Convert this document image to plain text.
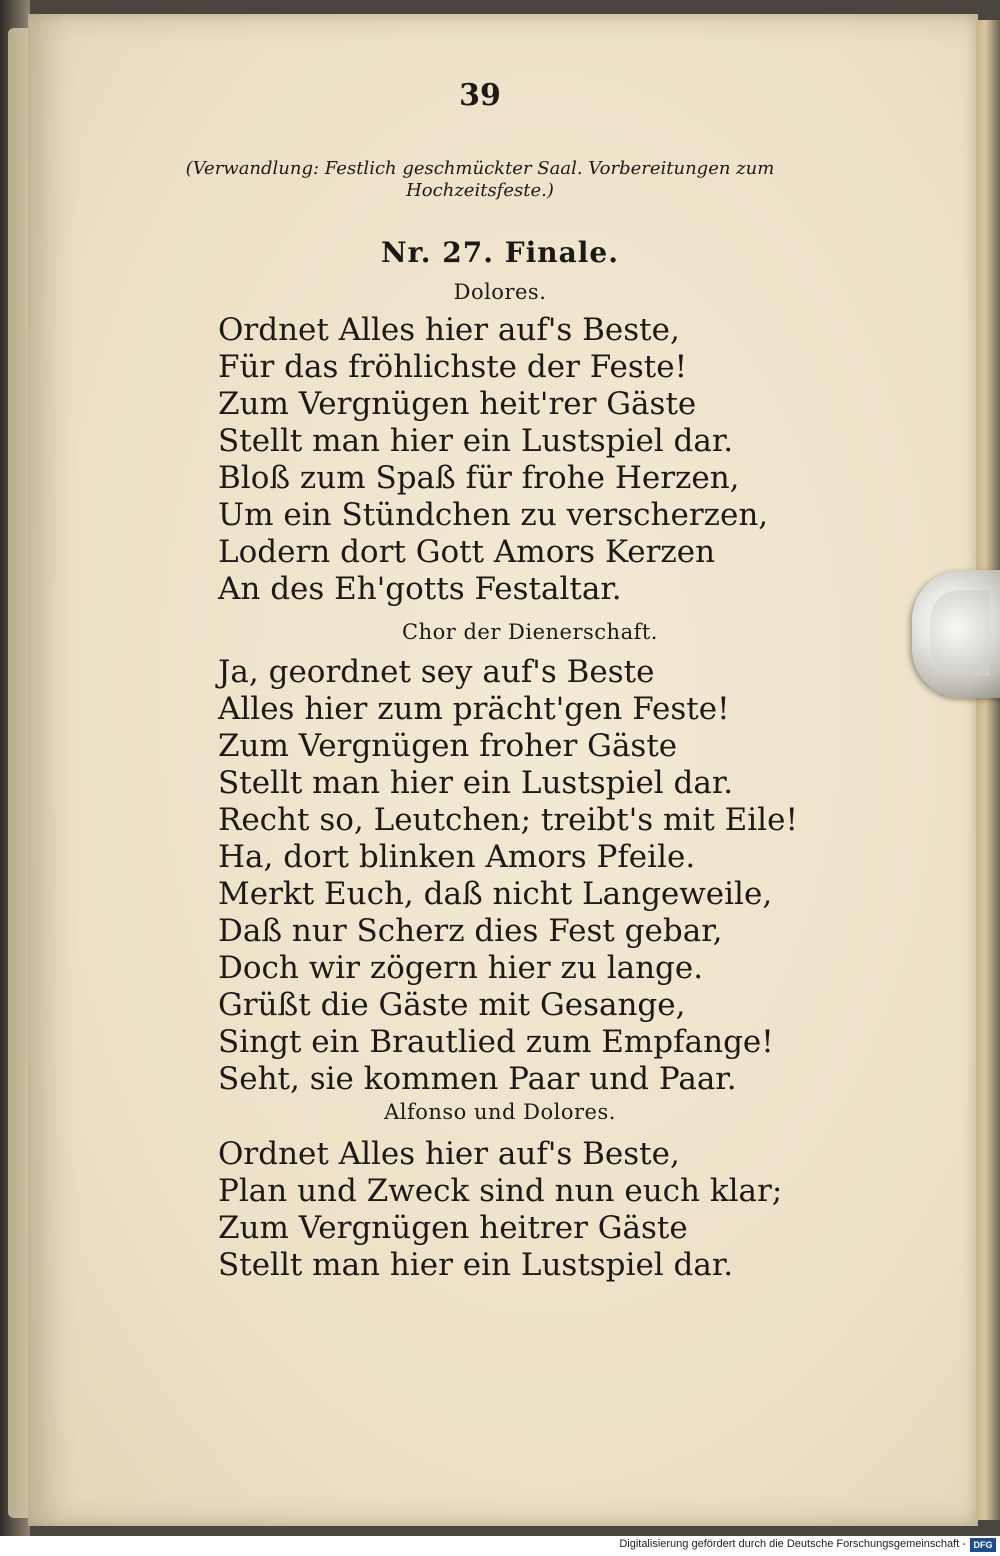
39
(Verwandlung: Festlich geschmückter Saal. Vorbereitungen zum Hochzeitsfeste.)
Nr. 27. Finale.
Dolores.
Ordnet Alles hier auf's Beste,
Für das fröhlichste der Feste!
Zum Vergnügen heit'rer Gäste
Stellt man hier ein Lustspiel dar.
Bloß zum Spaß für frohe Herzen,
Um ein Stündchen zu verscherzen,
Lodern dort Gott Amors Kerzen
An des Eh'gotts Festaltar.
Chor der Dienerschaft.
Ja, geordnet sey auf's Beste
Alles hier zum prächt'gen Feste!
Zum Vergnügen froher Gäste
Stellt man hier ein Lustspiel dar.
Recht so, Leutchen; treibt's mit Eile!
Ha, dort blinken Amors Pfeile.
Merkt Euch, daß nicht Langeweile,
Daß nur Scherz dies Fest gebar,
Doch wir zögern hier zu lange.
Grüßt die Gäste mit Gesange,
Singt ein Brautlied zum Empfange!
Seht, sie kommen Paar und Paar.
Alfonso und Dolores.
Ordnet Alles hier auf's Beste,
Plan und Zweck sind nun euch klar;
Zum Vergnügen heitrer Gäste
Stellt man hier ein Lustspiel dar.
Digitalisierung gefördert durch die Deutsche Forschungsgemeinschaft - DFG
